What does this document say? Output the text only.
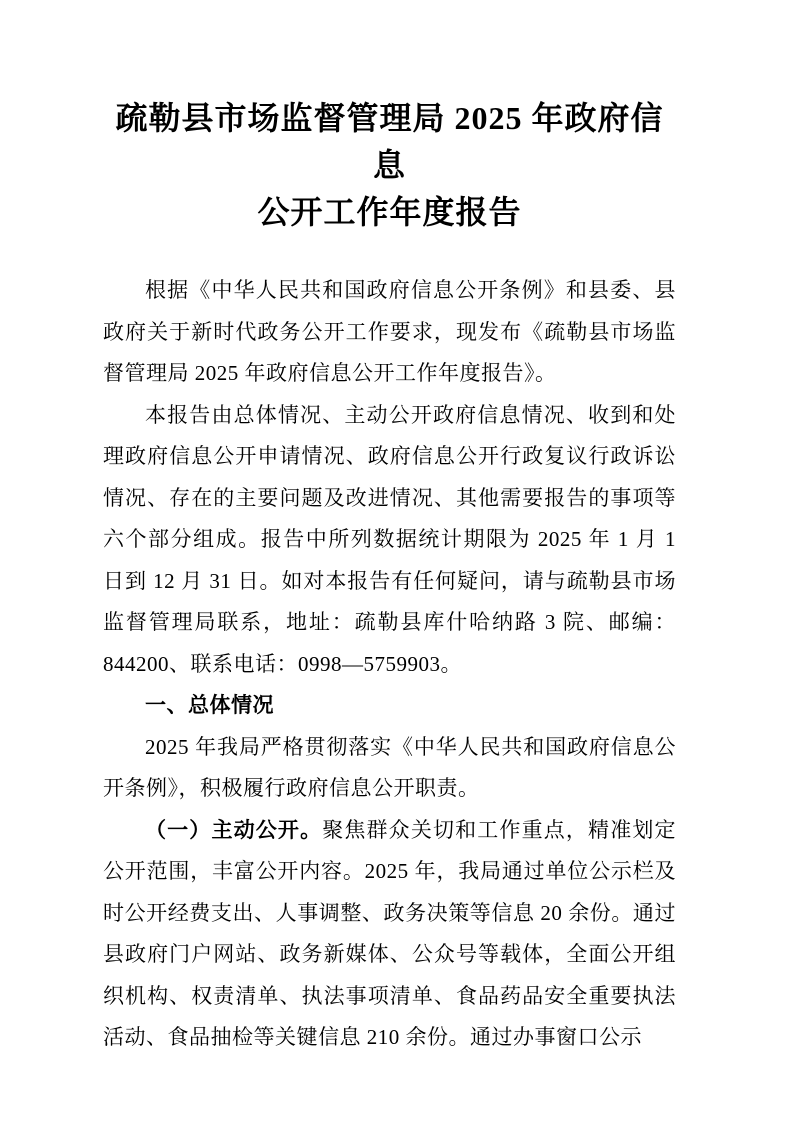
疏勒县市场监督管理局 2025 年政府信息
公开工作年度报告

根据《中华人民共和国政府信息公开条例》和县委、县政府关于新时代政务公开工作要求，现发布《疏勒县市场监督管理局 2025 年政府信息公开工作年度报告》。

本报告由总体情况、主动公开政府信息情况、收到和处理政府信息公开申请情况、政府信息公开行政复议行政诉讼情况、存在的主要问题及改进情况、其他需要报告的事项等六个部分组成。报告中所列数据统计期限为 2025 年 1 月 1 日到 12 月 31 日。如对本报告有任何疑问，请与疏勒县市场监督管理局联系，地址：疏勒县库什哈纳路 3 院、邮编：844200、联系电话：0998—5759903。

一、总体情况

2025 年我局严格贯彻落实《中华人民共和国政府信息公开条例》，积极履行政府信息公开职责。

（一）主动公开。聚焦群众关切和工作重点，精准划定公开范围，丰富公开内容。2025 年，我局通过单位公示栏及时公开经费支出、人事调整、政务决策等信息 20 余份。通过县政府门户网站、政务新媒体、公众号等载体，全面公开组织机构、权责清单、执法事项清单、食品药品安全重要执法活动、食品抽检等关键信息 210 余份。通过办事窗口公示
